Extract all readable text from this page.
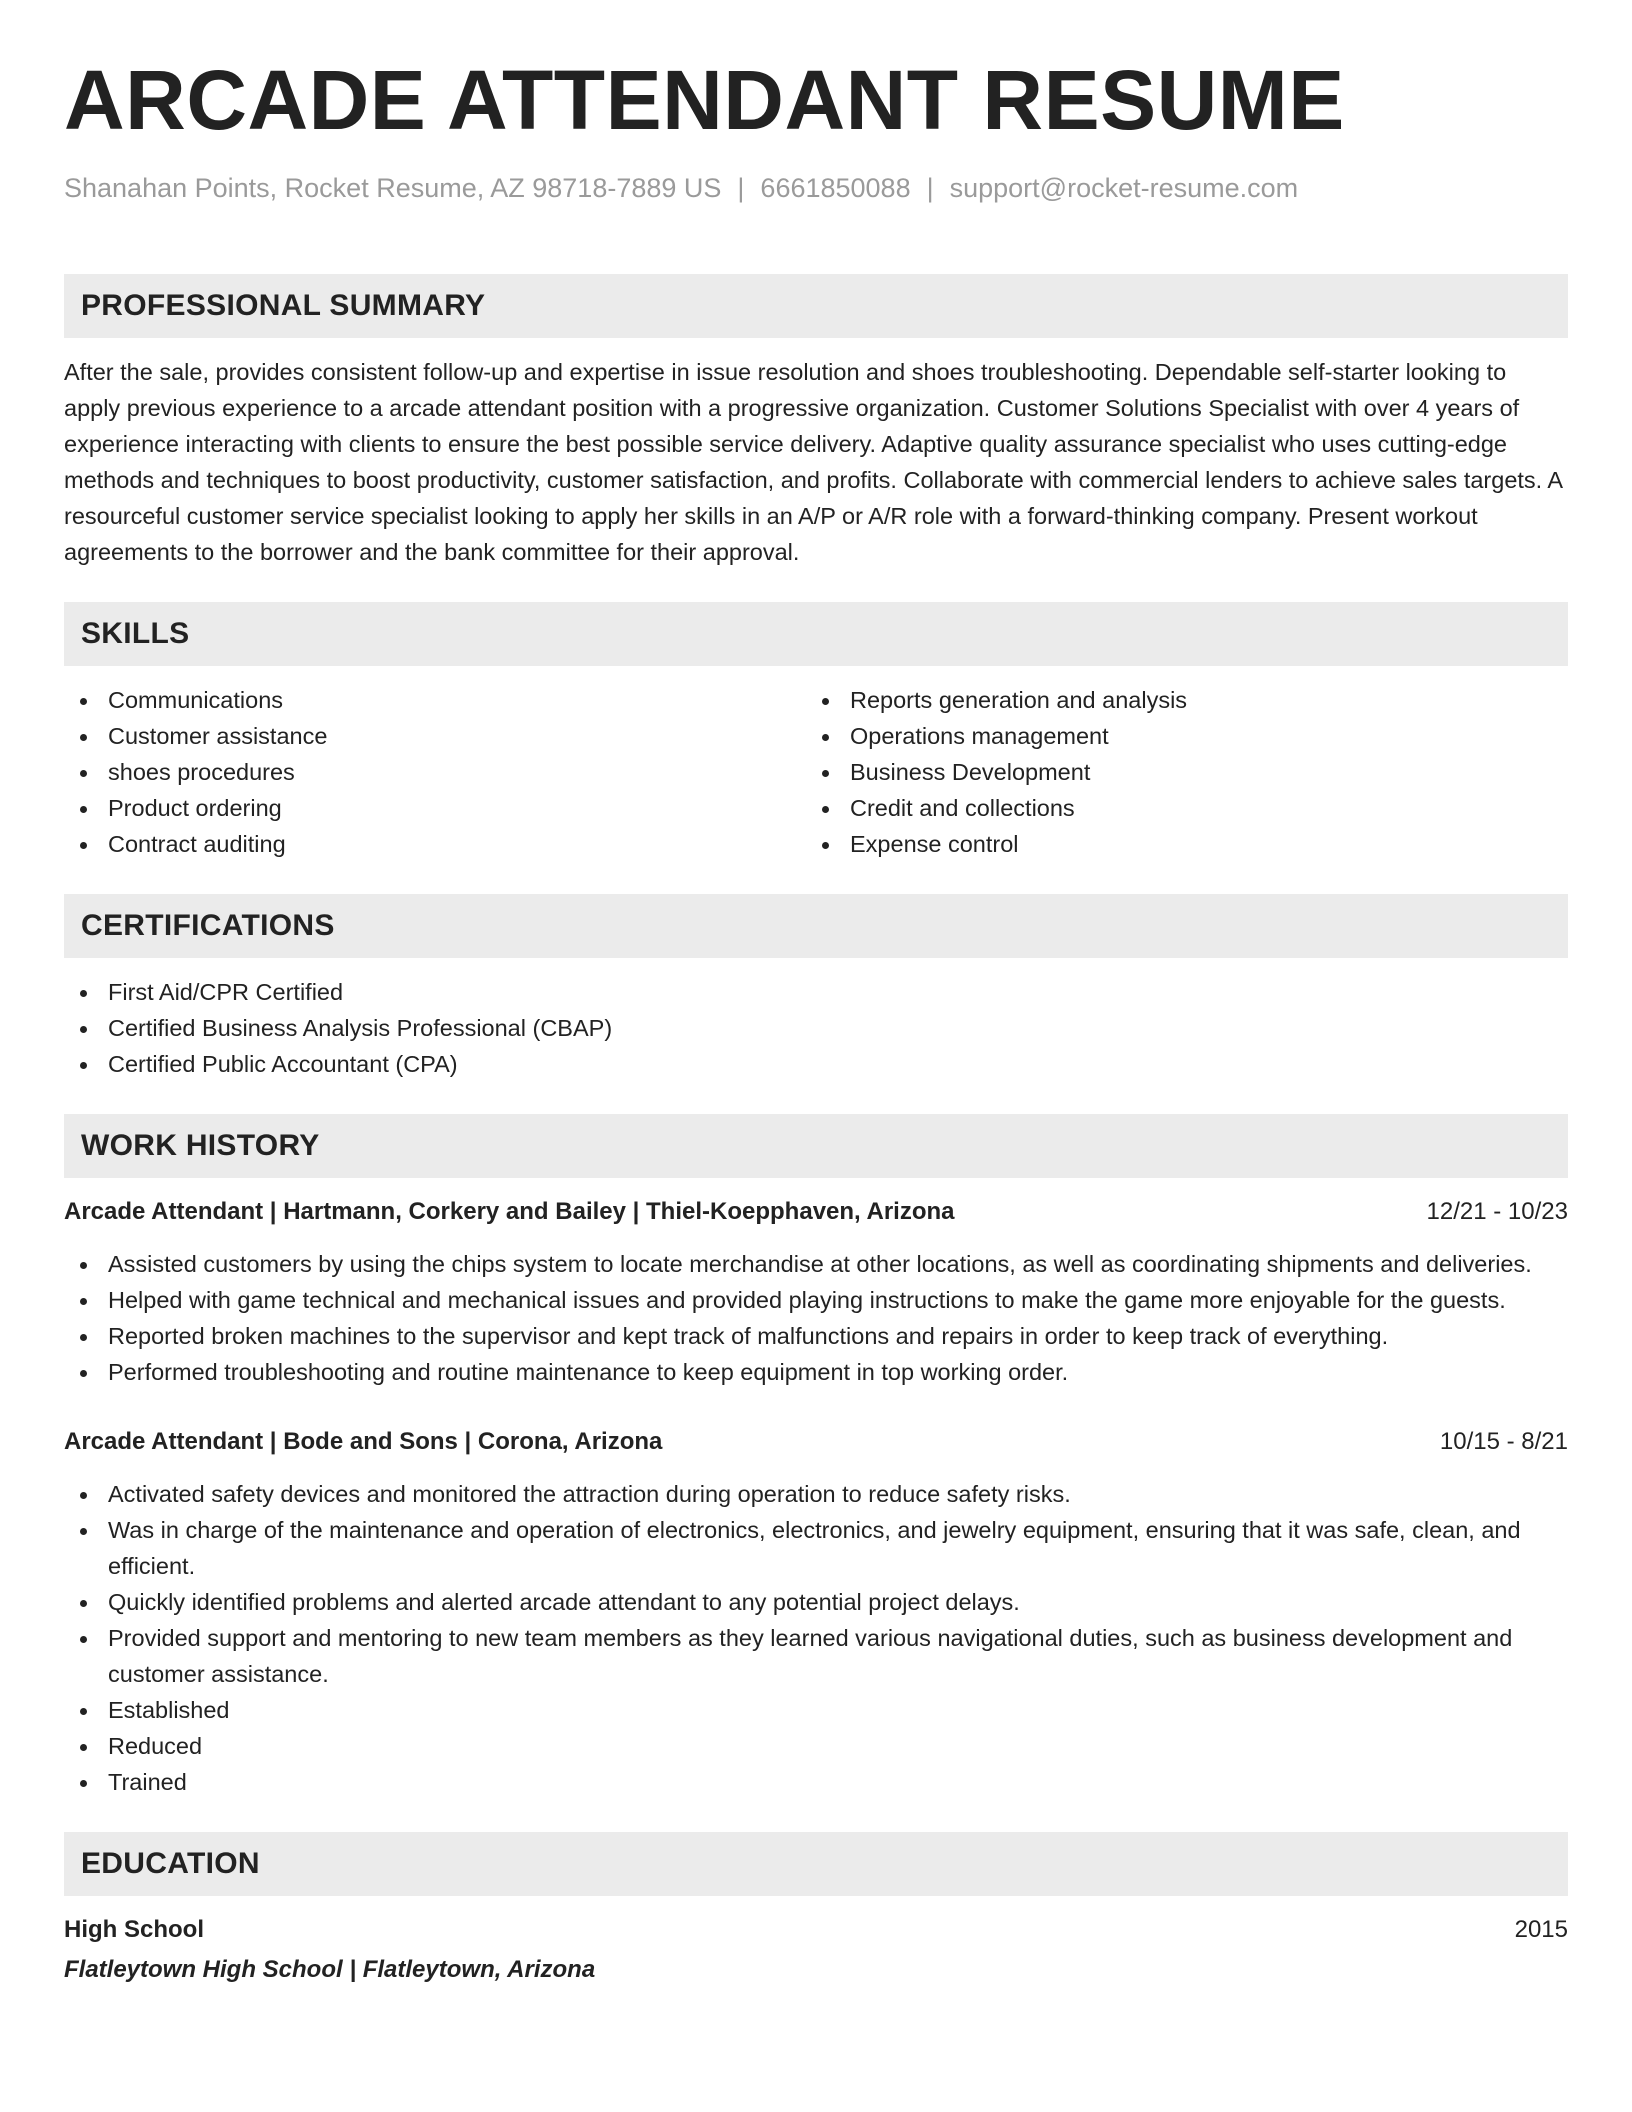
ARCADE ATTENDANT RESUME
Shanahan Points, Rocket Resume, AZ 98718-7889 US | 6661850088 | support@rocket-resume.com
PROFESSIONAL SUMMARY
After the sale, provides consistent follow-up and expertise in issue resolution and shoes troubleshooting. Dependable self-starter looking to apply previous experience to a arcade attendant position with a progressive organization. Customer Solutions Specialist with over 4 years of experience interacting with clients to ensure the best possible service delivery. Adaptive quality assurance specialist who uses cutting-edge methods and techniques to boost productivity, customer satisfaction, and profits. Collaborate with commercial lenders to achieve sales targets. A resourceful customer service specialist looking to apply her skills in an A/P or A/R role with a forward-thinking company. Present workout agreements to the borrower and the bank committee for their approval.
SKILLS
Communications
Customer assistance
shoes procedures
Product ordering
Contract auditing
Reports generation and analysis
Operations management
Business Development
Credit and collections
Expense control
CERTIFICATIONS
First Aid/CPR Certified
Certified Business Analysis Professional (CBAP)
Certified Public Accountant (CPA)
WORK HISTORY
Arcade Attendant | Hartmann, Corkery and Bailey | Thiel-Koepphaven, Arizona	12/21 - 10/23
Assisted customers by using the chips system to locate merchandise at other locations, as well as coordinating shipments and deliveries.
Helped with game technical and mechanical issues and provided playing instructions to make the game more enjoyable for the guests.
Reported broken machines to the supervisor and kept track of malfunctions and repairs in order to keep track of everything.
Performed troubleshooting and routine maintenance to keep equipment in top working order.
Arcade Attendant | Bode and Sons | Corona, Arizona	10/15 - 8/21
Activated safety devices and monitored the attraction during operation to reduce safety risks.
Was in charge of the maintenance and operation of electronics, electronics, and jewelry equipment, ensuring that it was safe, clean, and efficient.
Quickly identified problems and alerted arcade attendant to any potential project delays.
Provided support and mentoring to new team members as they learned various navigational duties, such as business development and customer assistance.
Established
Reduced
Trained
EDUCATION
High School	2015
Flatleytown High School | Flatleytown, Arizona
